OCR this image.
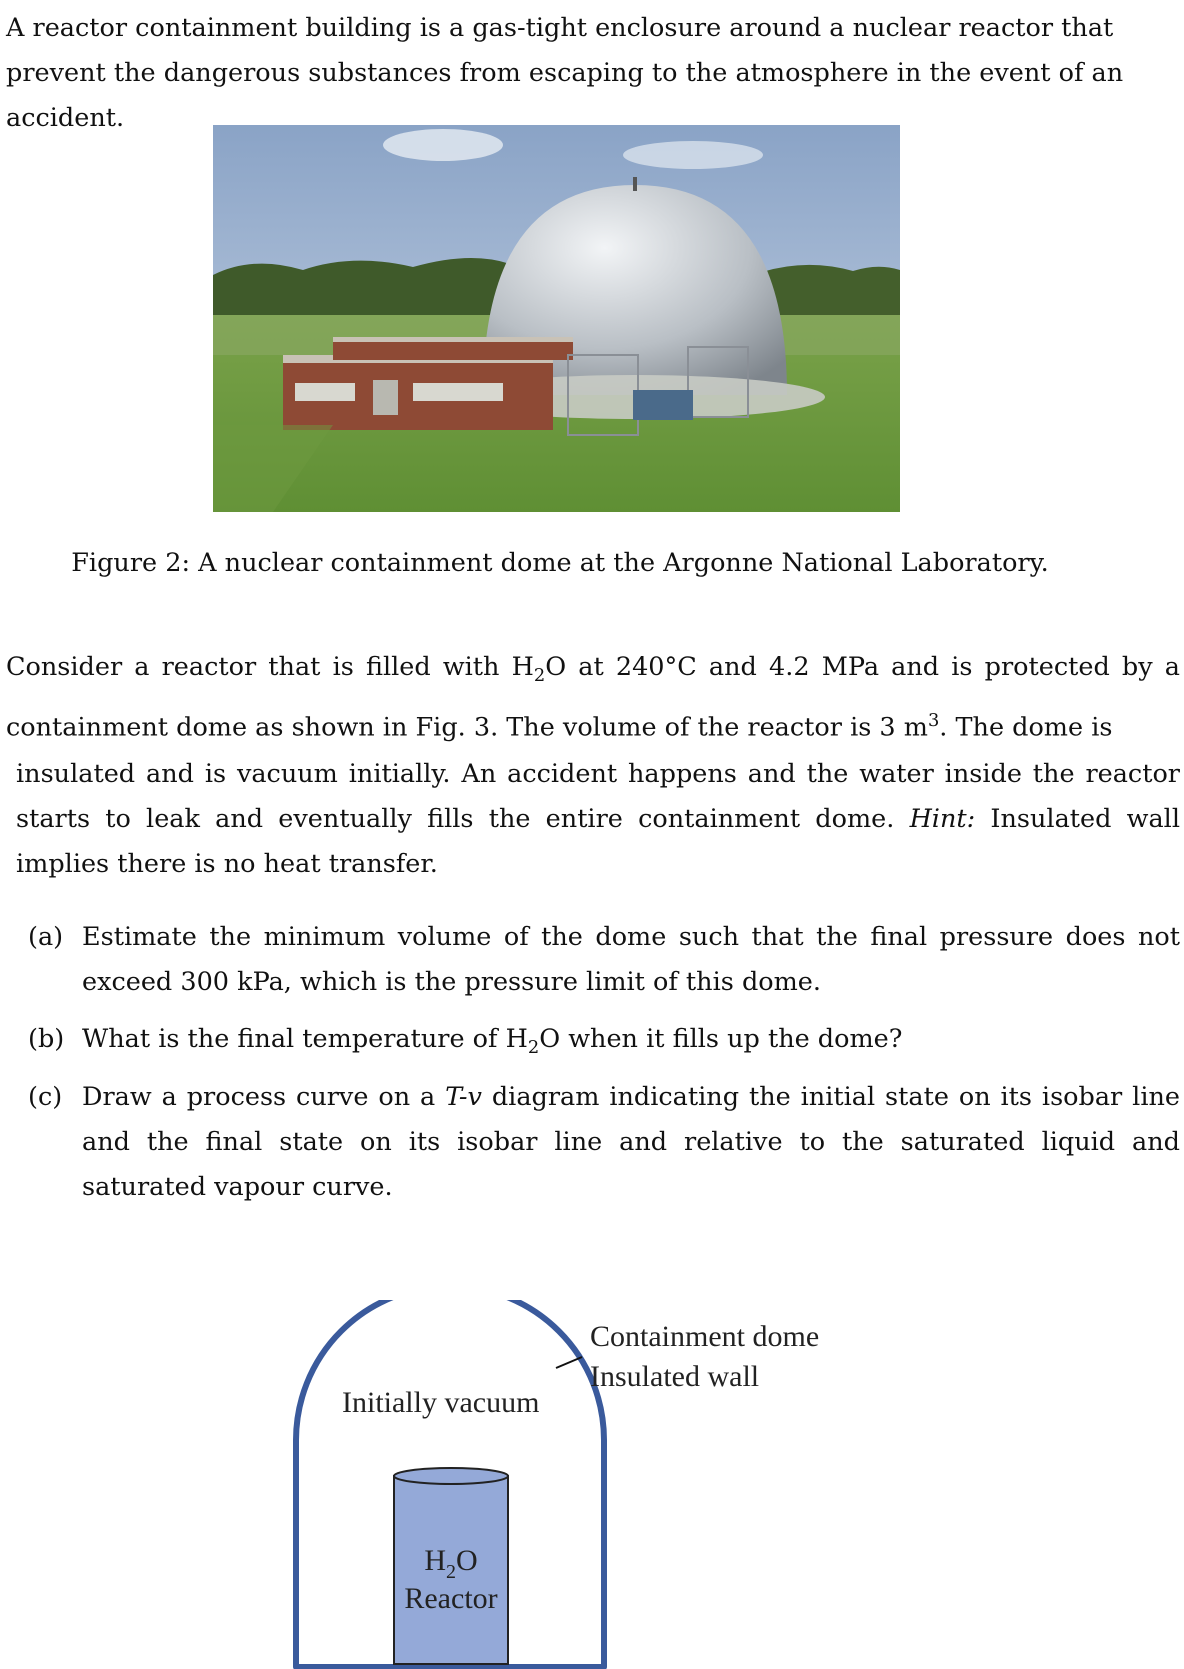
A reactor containment building is a gas-tight enclosure around a nuclear reactor that prevent the dangerous substances from escaping to the atmosphere in the event of an accident.
Figure 2: A nuclear containment dome at the Argonne National Laboratory.
Consider a reactor that is filled with $H_2O$ at 240°C and 4.2 MPa and is protected by a containment dome as shown in Fig. 3. The volume of the reactor is 3 $m^3$. The dome is
insulated and is vacuum initially. An accident happens and the water inside the reactor starts to leak and eventually fills the entire containment dome. Hint: Insulated wall implies there is no heat transfer.
(a) Estimate the minimum volume of the dome such that the final pressure does not exceed 300 kPa, which is the pressure limit of this dome.
(b) What is the final temperature of $H_2O$ when it fills up the dome?
(c) Draw a process curve on a T-v diagram indicating the initial state on its isobar line and the final state on its isobar line and relative to the saturated liquid and saturated vapour curve.
Containment dome
Insulated wall
Initially vacuum
$H_2O$
Reactor
